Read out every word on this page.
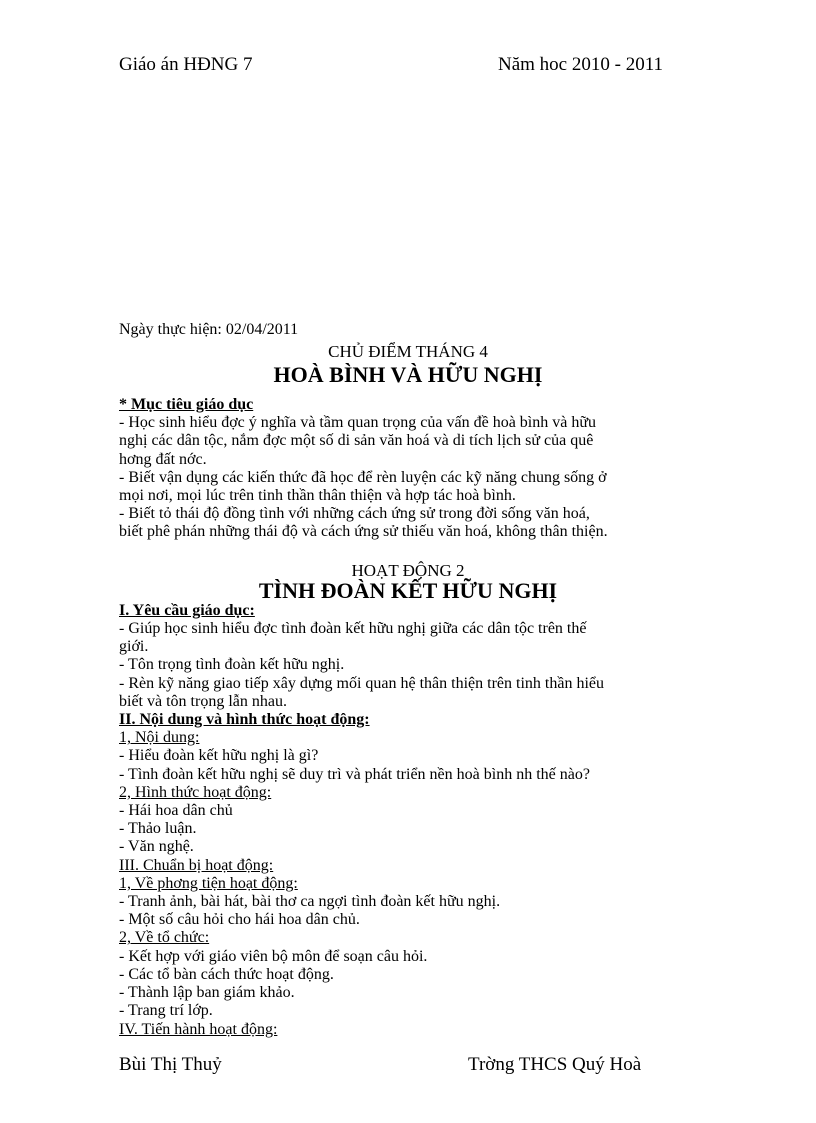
Giáo án HĐNG 7	Năm hoc 2010 - 2011
Ngày thực hiện: 02/04/2011
CHỦ ĐIỂM THÁNG 4
HOÀ BÌNH VÀ HỮU NGHỊ
* Mục tiêu giáo dục
- Học sinh hiểu đợc ý nghĩa và tầm quan trọng của vấn đề hoà bình và hữu
nghị các dân tộc, nắm đợc một số di sản văn hoá và di tích lịch sử của quê
hơng đất nớc.
- Biết vận dụng các kiến thức đã học để rèn luyện các kỹ năng chung sống ở
mọi nơi, mọi lúc trên tinh thần thân thiện và hợp tác hoà bình.
- Biết tỏ thái độ đồng tình với những cách ứng sử trong đời sống văn hoá,
biết phê phán những thái độ và cách ứng sử thiếu văn hoá, không thân thiện.
HOẠT ĐỘNG 2
TÌNH ĐOÀN KẾT HỮU NGHỊ
I. Yêu cầu giáo dục:
- Giúp học sinh hiểu đợc tình đoàn kết hữu nghị giữa các dân tộc trên thế
giới.
- Tôn trọng tình đoàn kết hữu nghị.
- Rèn kỹ năng giao tiếp xây dựng mối quan hệ thân thiện trên tinh thần hiểu
biết và tôn trọng lẫn nhau.
II. Nội dung và hình thức hoạt động:
1, Nội dung:
- Hiểu đoàn kết hữu nghị là gì?
- Tình đoàn kết hữu nghị sẽ duy trì và phát triển nền hoà bình nh thế nào?
2, Hình thức hoạt động:
- Hái hoa dân chủ
- Thảo luận.
- Văn nghệ.
III. Chuẩn bị hoạt động:
1, Về phơng tiện hoạt động:
- Tranh ảnh, bài hát, bài thơ ca ngợi tình đoàn kết hữu nghị.
- Một số câu hỏi cho hái hoa dân chủ.
2, Về tổ chức:
- Kết hợp với giáo viên bộ môn để soạn câu hỏi.
- Các tổ bàn cách thức hoạt động.
- Thành lập ban giám khảo.
- Trang trí lớp.
IV. Tiến hành hoạt động:
Bùi Thị Thuỷ	Trờng THCS Quý Hoà
